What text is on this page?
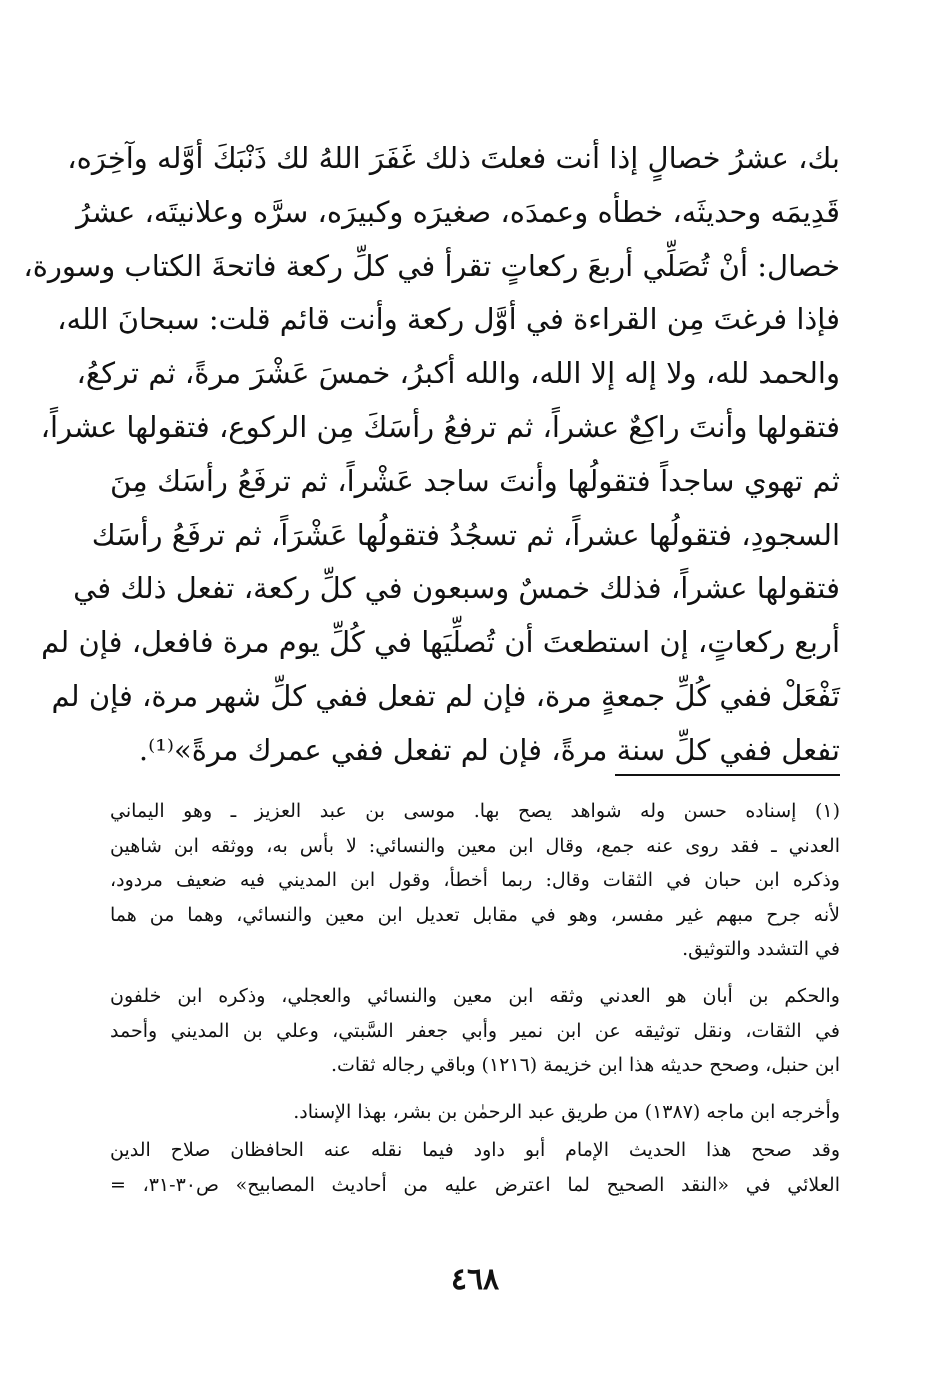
بك، عشرُ خصالٍ إذا أنت فعلتَ ذلك غَفَرَ اللهُ لك ذَنْبَكَ أوَّله وآخِرَه،
قَدِيمَه وحديثَه، خطأه وعمدَه، صغيرَه وكبيرَه، سرَّه وعلانيتَه، عشرُ
خصال: أنْ تُصَلِّي أربعَ ركعاتٍ تقرأ في كلِّ ركعة فاتحةَ الكتاب وسورة،
فإذا فرغتَ مِن القراءة في أوَّل ركعة وأنت قائم قلت: سبحانَ الله،
والحمد لله، ولا إله إلا الله، والله أكبرُ، خمسَ عَشْرَ مرةً، ثم تركعُ،
فتقولها وأنتَ راكِعٌ عشراً، ثم ترفعُ رأسَكَ مِن الركوع، فتقولها عشراً،
ثم تهوي ساجداً فتقولُها وأنتَ ساجد عَشْراً، ثم ترفَعُ رأسَك مِنَ
السجودِ، فتقولُها عشراً، ثم تسجُدُ فتقولُها عَشْرَاً، ثم ترفَعُ رأسَك
فتقولها عشراً، فذلك خمسٌ وسبعون في كلِّ ركعة، تفعل ذلك في
أربع ركعاتٍ، إن استطعتَ أن تُصلِّيَها في كُلِّ يوم مرة فافعل، فإن لم
تَفْعَلْ ففي كُلِّ جمعةٍ مرة، فإن لم تفعل ففي كلِّ شهر مرة، فإن لم
تفعل ففي كلِّ سنة مرةً، فإن لم تفعل ففي عمرك مرةً»⁽¹⁾.
(١) إسناده حسن وله شواهد يصح بها. موسى بن عبد العزيز ـ وهو اليماني
العدني ـ فقد روى عنه جمع، وقال ابن معين والنسائي: لا بأس به، ووثقه ابن شاهين
وذكره ابن حبان في الثقات وقال: ربما أخطأ، وقول ابن المديني فيه ضعيف مردود،
لأنه جرح مبهم غير مفسر، وهو في مقابل تعديل ابن معين والنسائي، وهما من هما
في التشدد والتوثيق.
والحكم بن أبان هو العدني وثقه ابن معين والنسائي والعجلي، وذكره ابن خلفون
في الثقات، ونقل توثيقه عن ابن نمير وأبي جعفر السَّبتي، وعلي بن المديني وأحمد
ابن حنبل، وصحح حديثه هذا ابن خزيمة (١٢١٦) وباقي رجاله ثقات.
وأخرجه ابن ماجه (١٣٨٧) من طريق عبد الرحمٰن بن بشر، بهذا الإسناد.
وقد صحح هذا الحديث الإمام أبو داود فيما نقله عنه الحافظان صلاح الدين
العلائي في «النقد الصحيح لما اعترض عليه من أحاديث المصابيح» ص٣٠-٣١، =
٤٦٨
